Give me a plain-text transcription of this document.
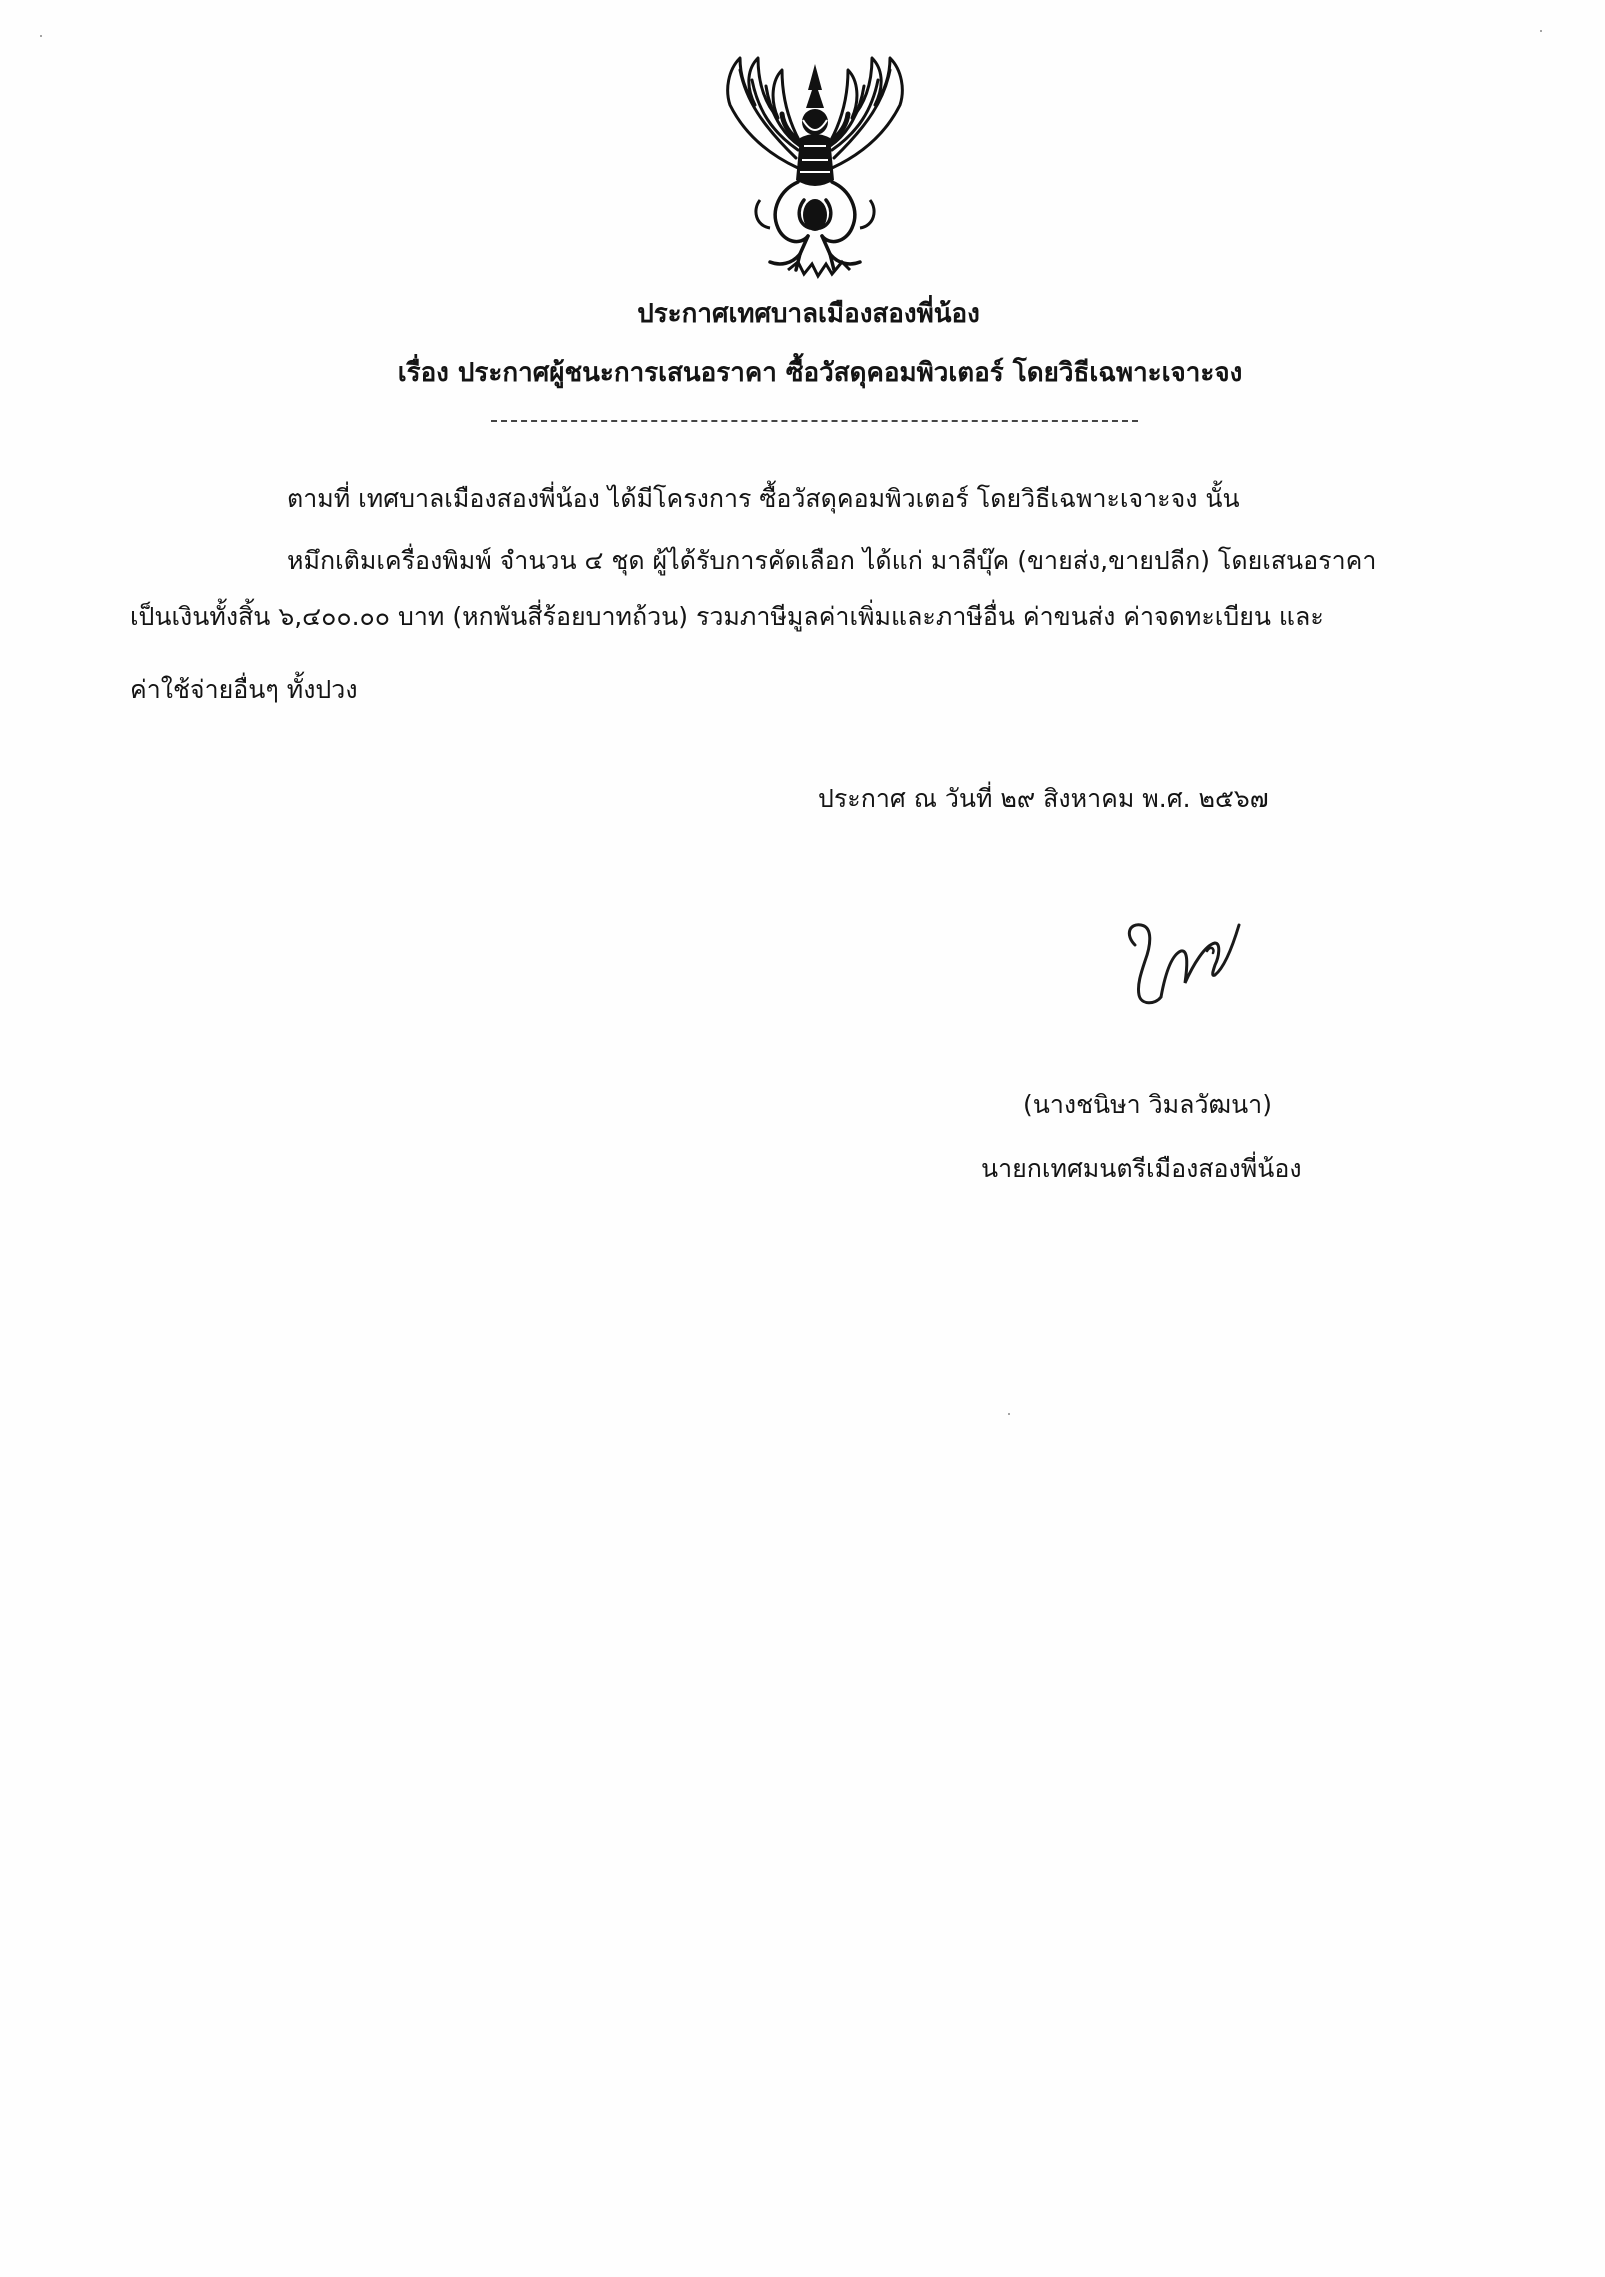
ประกาศเทศบาลเมืองสองพี่น้อง
เรื่อง ประกาศผู้ชนะการเสนอราคา ซื้อวัสดุคอมพิวเตอร์ โดยวิธีเฉพาะเจาะจง
ตามที่ เทศบาลเมืองสองพี่น้อง ได้มีโครงการ ซื้อวัสดุคอมพิวเตอร์ โดยวิธีเฉพาะเจาะจง นั้น
หมึกเติมเครื่องพิมพ์ จำนวน ๔ ชุด ผู้ได้รับการคัดเลือก ได้แก่ มาลีบุ๊ค (ขายส่ง,ขายปลีก) โดยเสนอราคา
เป็นเงินทั้งสิ้น ๖,๔๐๐.๐๐ บาท (หกพันสี่ร้อยบาทถ้วน) รวมภาษีมูลค่าเพิ่มและภาษีอื่น ค่าขนส่ง ค่าจดทะเบียน และ
ค่าใช้จ่ายอื่นๆ ทั้งปวง
ประกาศ ณ วันที่ ๒๙ สิงหาคม พ.ศ. ๒๕๖๗
(นางชนิษา วิมลวัฒนา)
นายกเทศมนตรีเมืองสองพี่น้อง
